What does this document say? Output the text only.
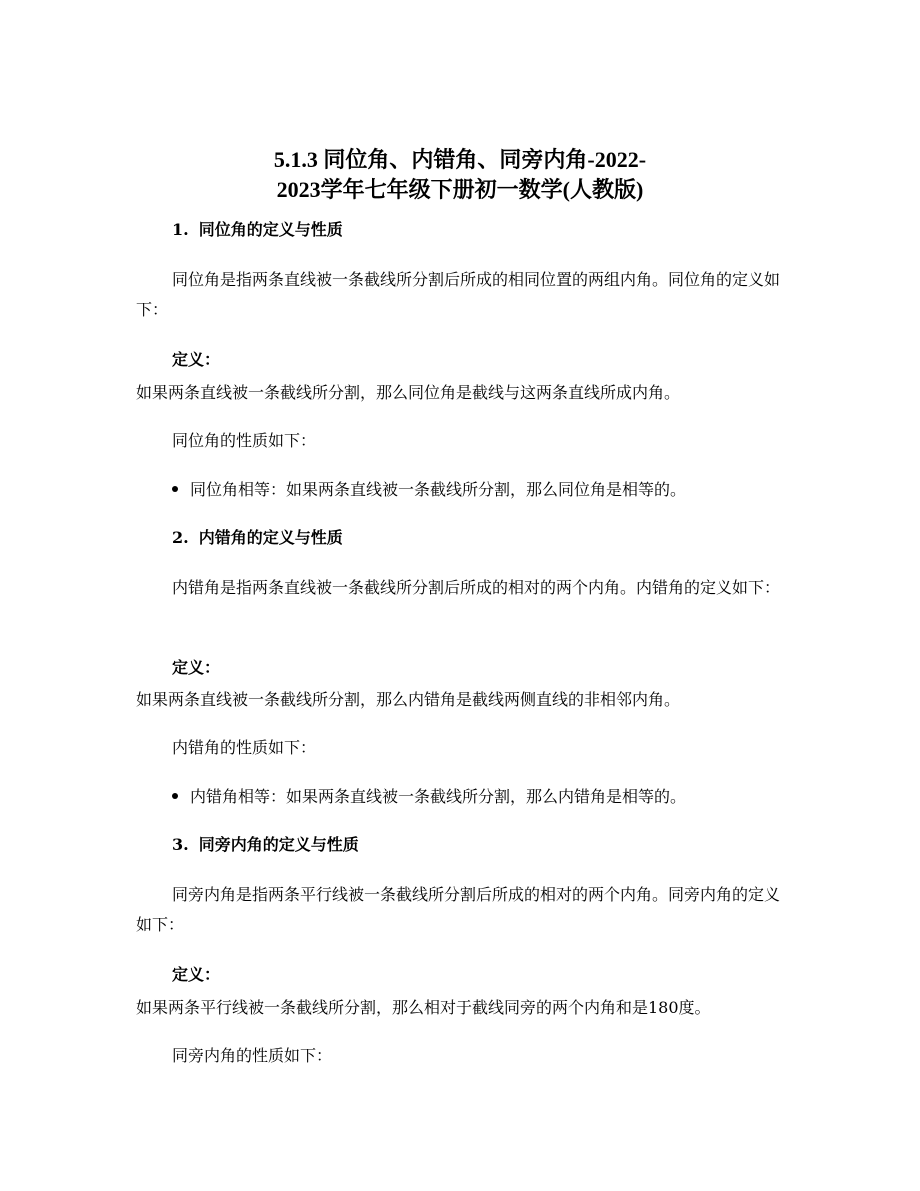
5.1.3 同位角、内错角、同旁内角-2022-
2023学年七年级下册初一数学(人教版)
1. 同位角的定义与性质

同位角是指两条直线被一条截线所分割后所成的相同位置的两组内角。同位角的定义如下：

定义：
如果两条直线被一条截线所分割，那么同位角是截线与这两条直线所成内角。
同位角的性质如下：
同位角相等：如果两条直线被一条截线所分割，那么同位角是相等的。
2. 内错角的定义与性质

内错角是指两条直线被一条截线所分割后所成的相对的两个内角。内错角的定义如下：

定义：
如果两条直线被一条截线所分割，那么内错角是截线两侧直线的非相邻内角。
内错角的性质如下：
内错角相等：如果两条直线被一条截线所分割，那么内错角是相等的。
3. 同旁内角的定义与性质

同旁内角是指两条平行线被一条截线所分割后所成的相对的两个内角。同旁内角的定义如下：

定义：
如果两条平行线被一条截线所分割，那么相对于截线同旁的两个内角和是180度。
同旁内角的性质如下：
